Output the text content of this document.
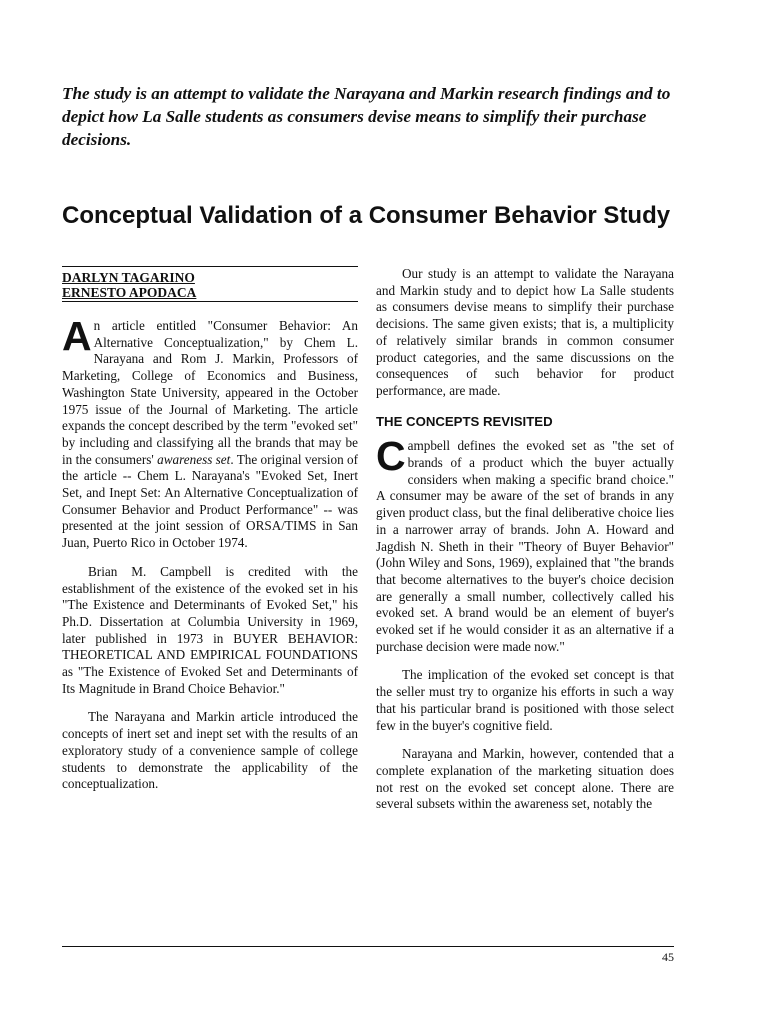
The study is an attempt to validate the Narayana and Markin research findings and to depict how La Salle students as consumers devise means to simplify their purchase decisions.
Conceptual Validation of a Consumer Behavior Study
DARLYN TAGARINO
ERNESTO APODACA

An article entitled "Consumer Behavior: An Alternative Conceptualization," by Chem L. Narayana and Rom J. Markin, Professors of Marketing, College of Economics and Business, Washington State University, appeared in the October 1975 issue of the Journal of Marketing. The article expands the concept described by the term "evoked set" by including and classifying all the brands that may be in the consumers' awareness set. The original version of the article -- Chem L. Narayana's "Evoked Set, Inert Set, and Inept Set: An Alternative Conceptualization of Consumer Behavior and Product Performance" -- was presented at the joint session of ORSA/TIMS in San Juan, Puerto Rico in October 1974.

Brian M. Campbell is credited with the establishment of the existence of the evoked set in his "The Existence and Determinants of Evoked Set," his Ph.D. Dissertation at Columbia University in 1969, later published in 1973 in BUYER BEHAVIOR: THEORETICAL AND EMPIRICAL FOUNDATIONS as "The Existence of Evoked Set and Determinants of Its Magnitude in Brand Choice Behavior."

The Narayana and Markin article introduced the concepts of inert set and inept set with the results of an exploratory study of a convenience sample of college students to demonstrate the applicability of the conceptualization.

Our study is an attempt to validate the Narayana and Markin study and to depict how La Salle students as consumers devise means to simplify their purchase decisions. The same given exists; that is, a multiplicity of relatively similar brands in common consumer product categories, and the same discussions on the consequences of such behavior for product performance, are made.

THE CONCEPTS REVISITED

Campbell defines the evoked set as "the set of brands of a product which the buyer actually considers when making a specific brand choice." A consumer may be aware of the set of brands in any given product class, but the final deliberative choice lies in a narrower array of brands. John A. Howard and Jagdish N. Sheth in their "Theory of Buyer Behavior" (John Wiley and Sons, 1969), explained that "the brands that become alternatives to the buyer's choice decision are generally a small number, collectively called his evoked set. A brand would be an element of buyer's evoked set if he would consider it as an alternative if a purchase decision were made now."

The implication of the evoked set concept is that the seller must try to organize his efforts in such a way that his particular brand is positioned with those select few in the buyer's cognitive field.

Narayana and Markin, however, contended that a complete explanation of the marketing situation does not rest on the evoked set concept alone. There are several subsets within the awareness set, notably the

45
